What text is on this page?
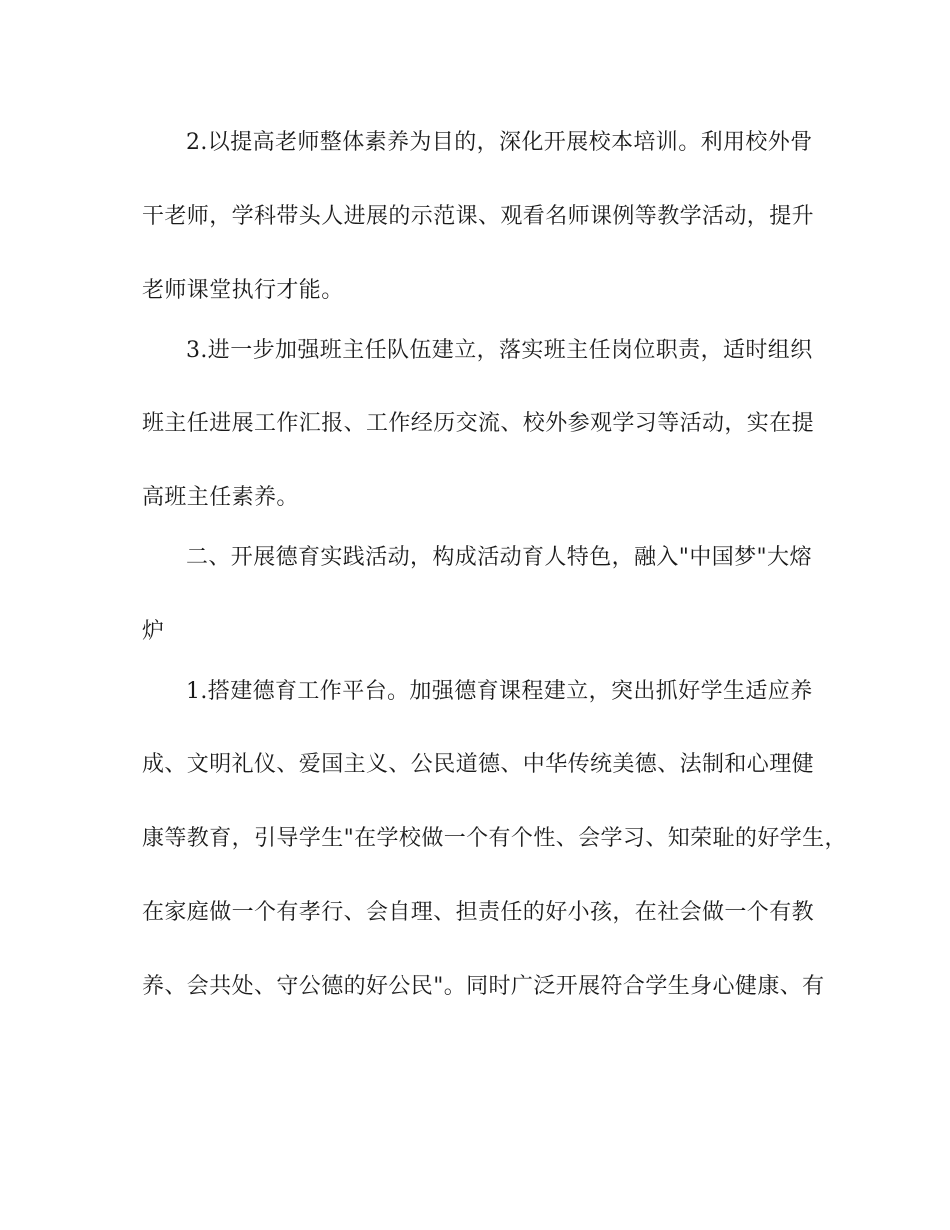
2.以提高老师整体素养为目的，深化开展校本培训。利用校外骨
干老师，学科带头人进展的示范课、观看名师课例等教学活动，提升
老师课堂执行才能。
3.进一步加强班主任队伍建立，落实班主任岗位职责，适时组织
班主任进展工作汇报、工作经历交流、校外参观学习等活动，实在提
高班主任素养。
二、开展德育实践活动，构成活动育人特色，融入"中国梦"大熔
炉
1.搭建德育工作平台。加强德育课程建立，突出抓好学生适应养
成、文明礼仪、爱国主义、公民道德、中华传统美德、法制和心理健
康等教育，引导学生"在学校做一个有个性、会学习、知荣耻的好学生，
在家庭做一个有孝行、会自理、担责任的好小孩，在社会做一个有教
养、会共处、守公德的好公民"。同时广泛开展符合学生身心健康、有
